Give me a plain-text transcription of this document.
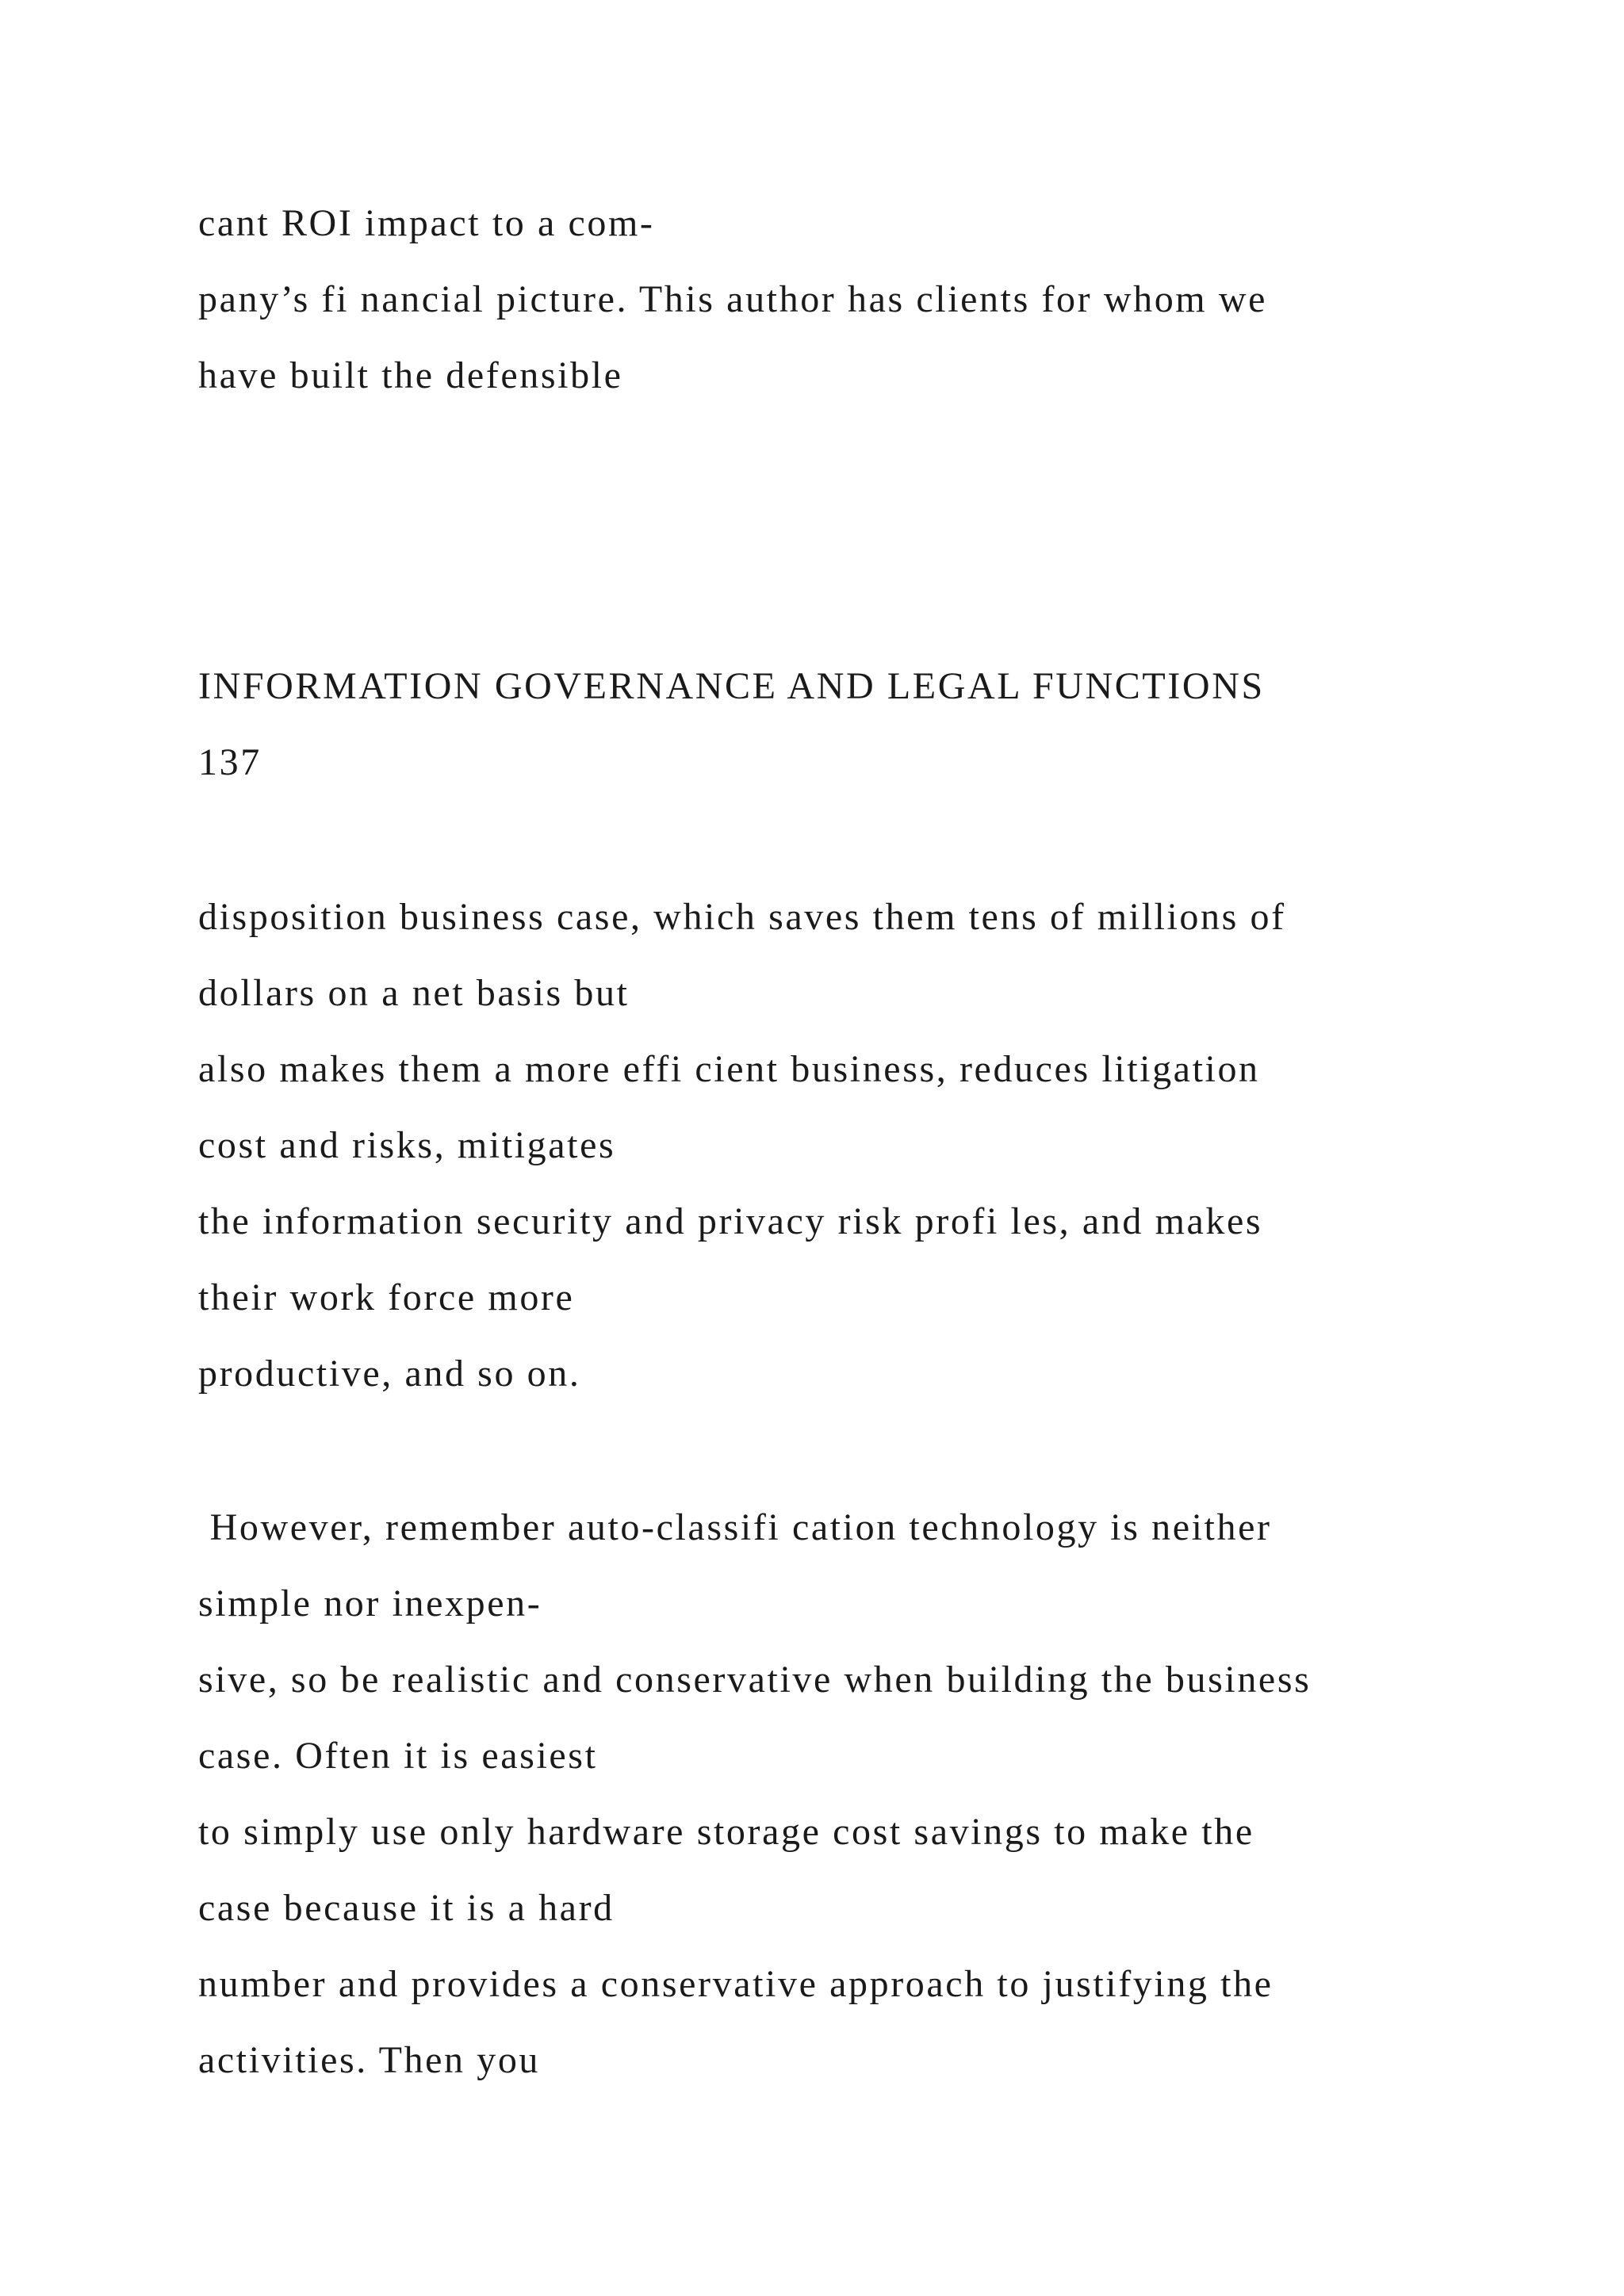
cant ROI impact to a com-

pany’s fi nancial picture. This author has clients for whom we

have built the defensible

INFORMATION GOVERNANCE AND LEGAL FUNCTIONS

137

disposition business case, which saves them tens of millions of

dollars on a net basis but

also makes them a more effi cient business, reduces litigation

cost and risks, mitigates

the information security and privacy risk profi les, and makes

their work force more

productive, and so on.

However, remember auto-classifi cation technology is neither

simple nor inexpen-

sive, so be realistic and conservative when building the business

case. Often it is easiest

to simply use only hardware storage cost savings to make the

case because it is a hard

number and provides a conservative approach to justifying the

activities. Then you
